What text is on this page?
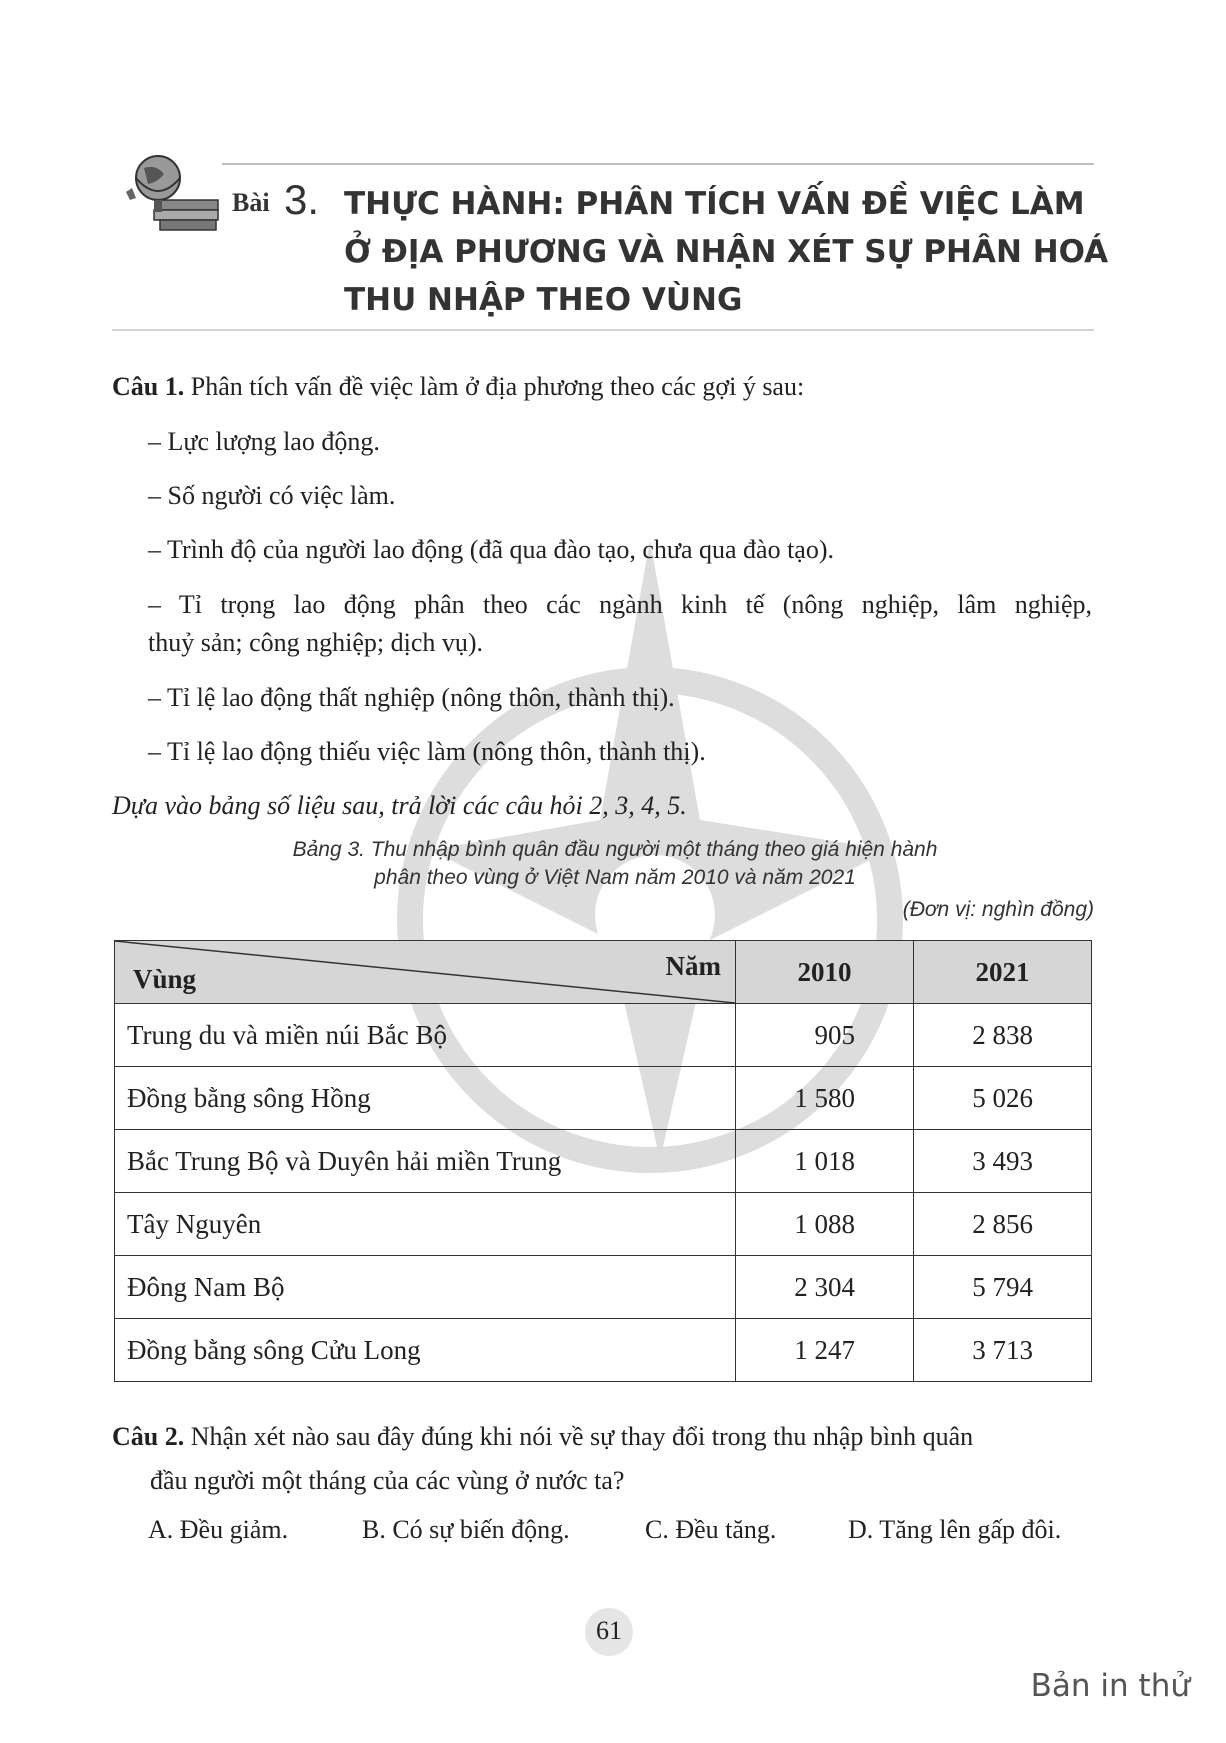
Bài 3. THỰC HÀNH: PHÂN TÍCH VẤN ĐỀ VIỆC LÀM
Ở ĐỊA PHƯƠNG VÀ NHẬN XÉT SỰ PHÂN HOÁ
THU NHẬP THEO VÙNG
Câu 1. Phân tích vấn đề việc làm ở địa phương theo các gợi ý sau:
– Lực lượng lao động.
– Số người có việc làm.
– Trình độ của người lao động (đã qua đào tạo, chưa qua đào tạo).
– Tỉ trọng lao động phân theo các ngành kinh tế (nông nghiệp, lâm nghiệp,
thuỷ sản; công nghiệp; dịch vụ).
– Tỉ lệ lao động thất nghiệp (nông thôn, thành thị).
– Tỉ lệ lao động thiếu việc làm (nông thôn, thành thị).
Dựa vào bảng số liệu sau, trả lời các câu hỏi 2, 3, 4, 5.
Bảng 3. Thu nhập bình quân đầu người một tháng theo giá hiện hành
phân theo vùng ở Việt Nam năm 2010 và năm 2021
(Đơn vị: nghìn đồng)
Năm
Vùng	2010	2021
Trung du và miền núi Bắc Bộ	905	2 838
Đồng bằng sông Hồng	1 580	5 026
Bắc Trung Bộ và Duyên hải miền Trung	1 018	3 493
Tây Nguyên	1 088	2 856
Đông Nam Bộ	2 304	5 794
Đồng bằng sông Cửu Long	1 247	3 713
Câu 2. Nhận xét nào sau đây đúng khi nói về sự thay đổi trong thu nhập bình quân
đầu người một tháng của các vùng ở nước ta?
A. Đều giảm.	B. Có sự biến động.	C. Đều tăng.	D. Tăng lên gấp đôi.
61
Bản in thử
